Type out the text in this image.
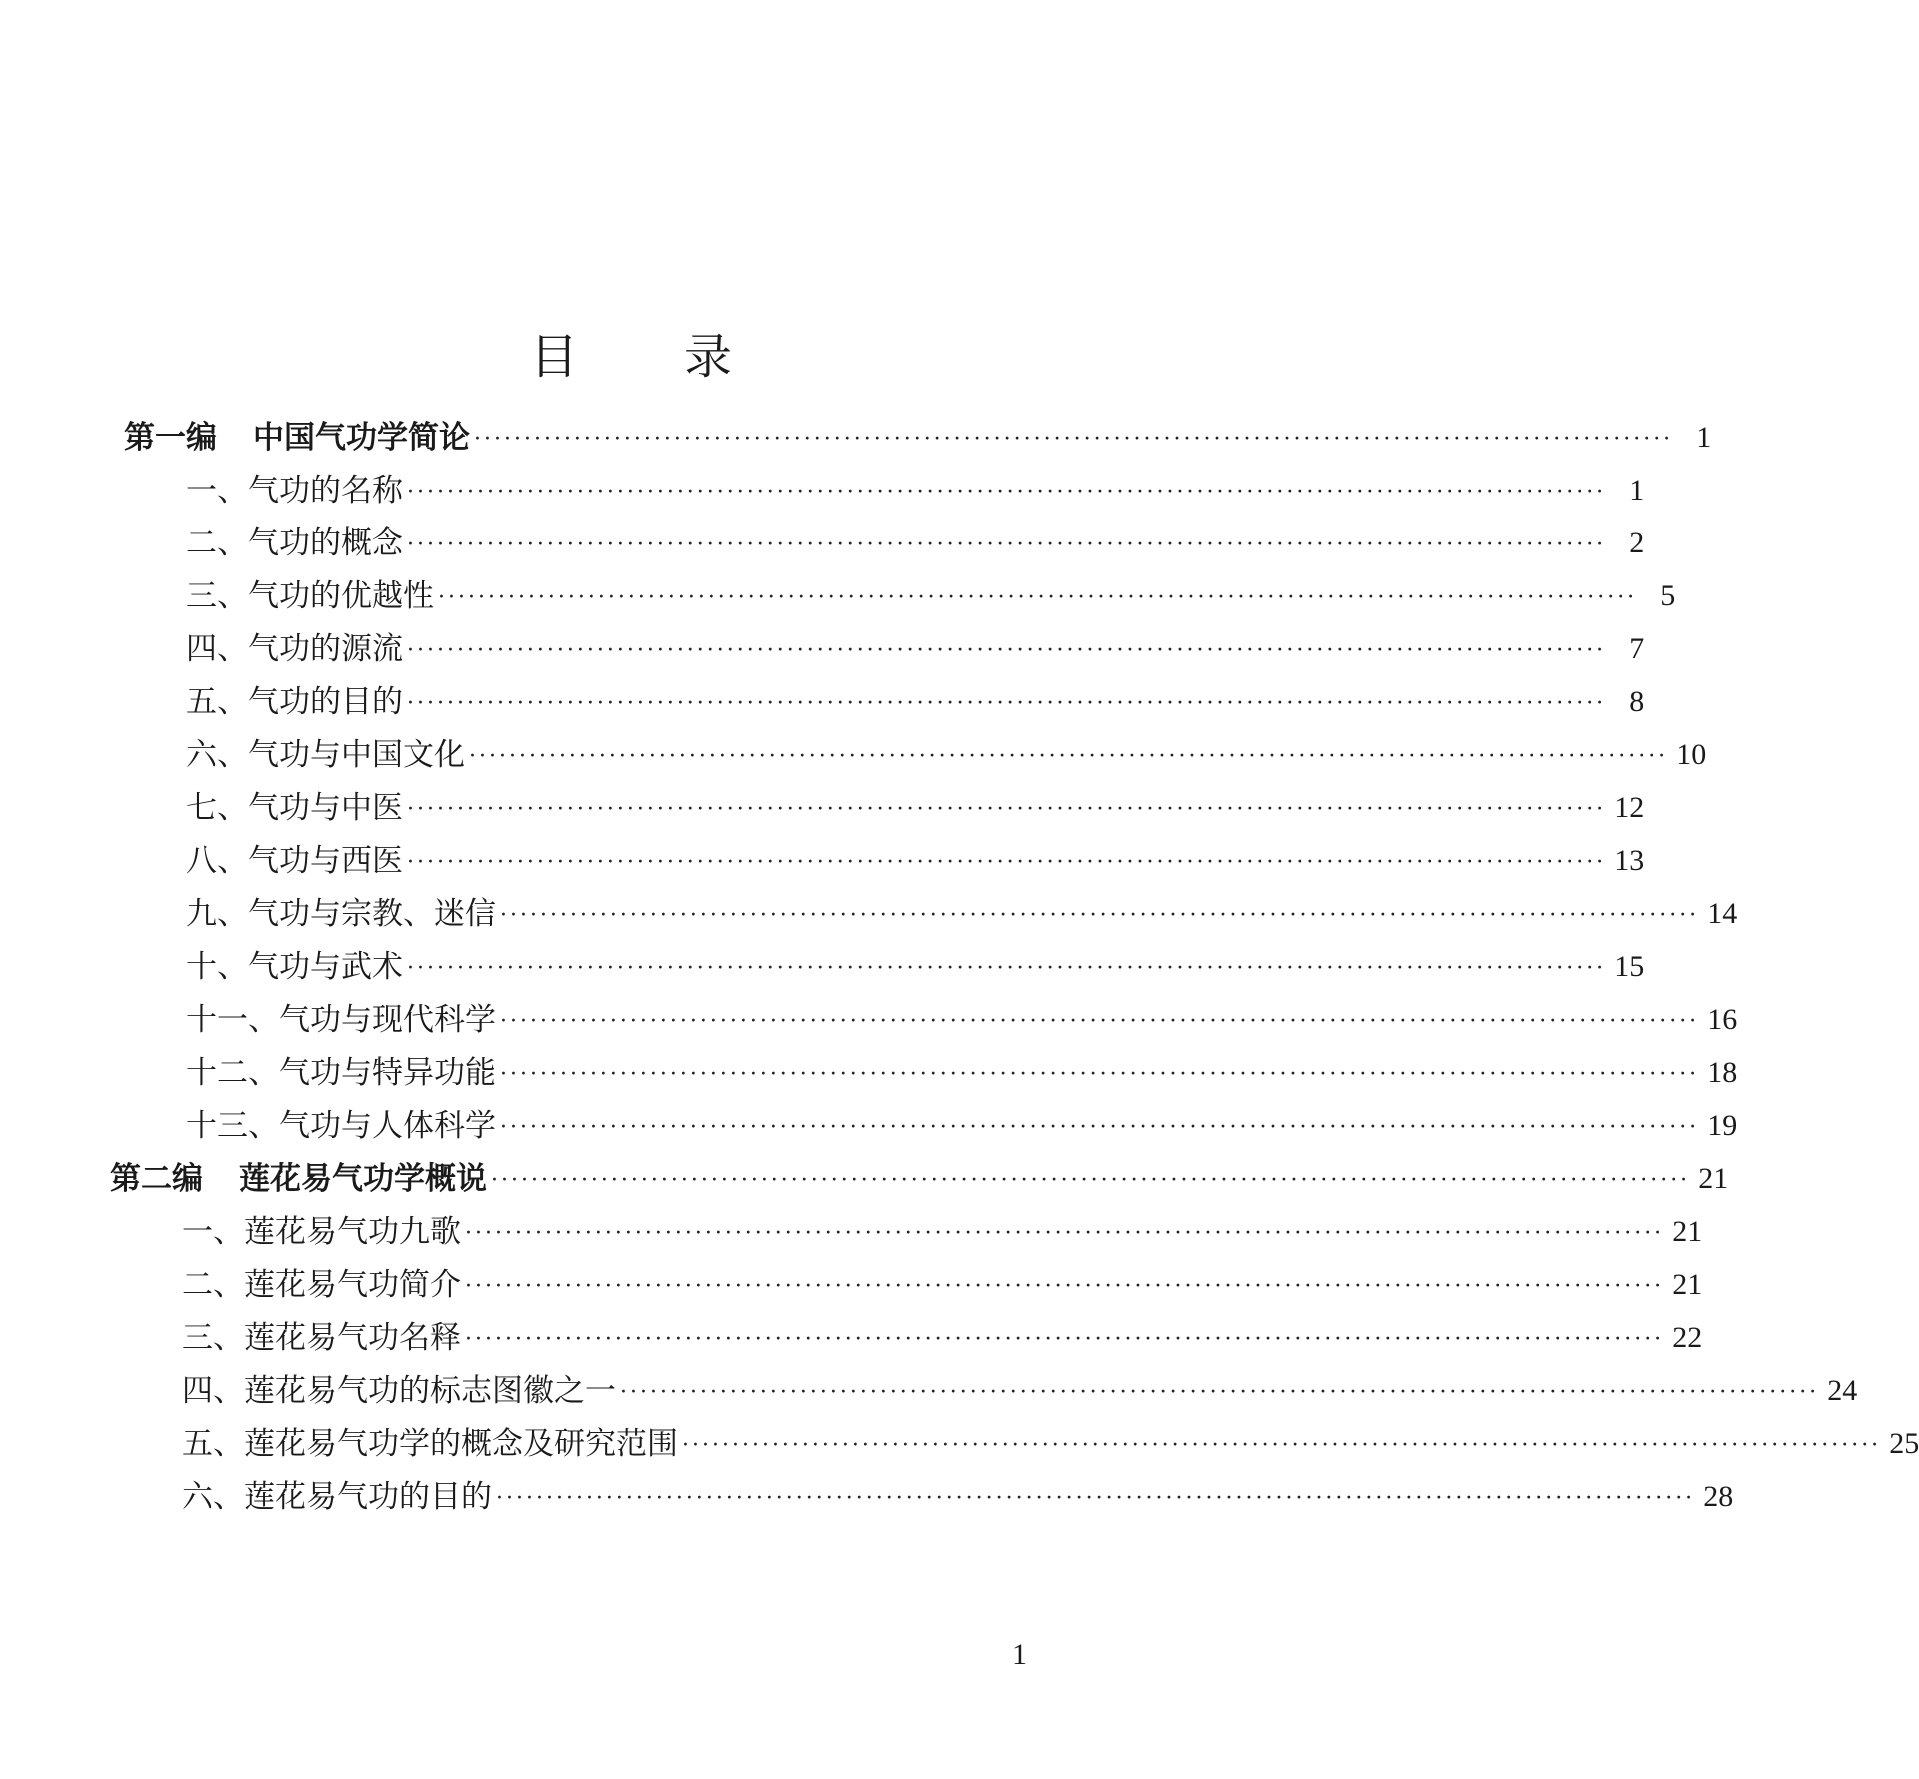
目 录
第一编 中国气功学简论 ························································································································ 1
一、 气功的名称 ························································································································ 1
二、 气功的概念 ························································································································ 2
三、 气功的优越性 ························································································································ 5
四、 气功的源流 ························································································································ 7
五、 气功的目的 ························································································································ 8
六、 气功与中国文化 ························································································································ 10
七、 气功与中医 ························································································································ 12
八、 气功与西医 ························································································································ 13
九、 气功与宗教、迷信 ························································································································ 14
十、 气功与武术 ························································································································ 15
十一、 气功与现代科学 ························································································································ 16
十二、 气功与特异功能 ························································································································ 18
十三、 气功与人体科学 ························································································································ 19
第二编 莲花易气功学概说 ························································································································ 21
一、 莲花易气功九歌 ························································································································ 21
二、 莲花易气功简介 ························································································································ 21
三、 莲花易气功名释 ························································································································ 22
四、 莲花易气功的标志图徽之一 ························································································································ 24
五、 莲花易气功学的概念及研究范围 ························································································································ 25
六、 莲花易气功的目的 ························································································································ 28
1
